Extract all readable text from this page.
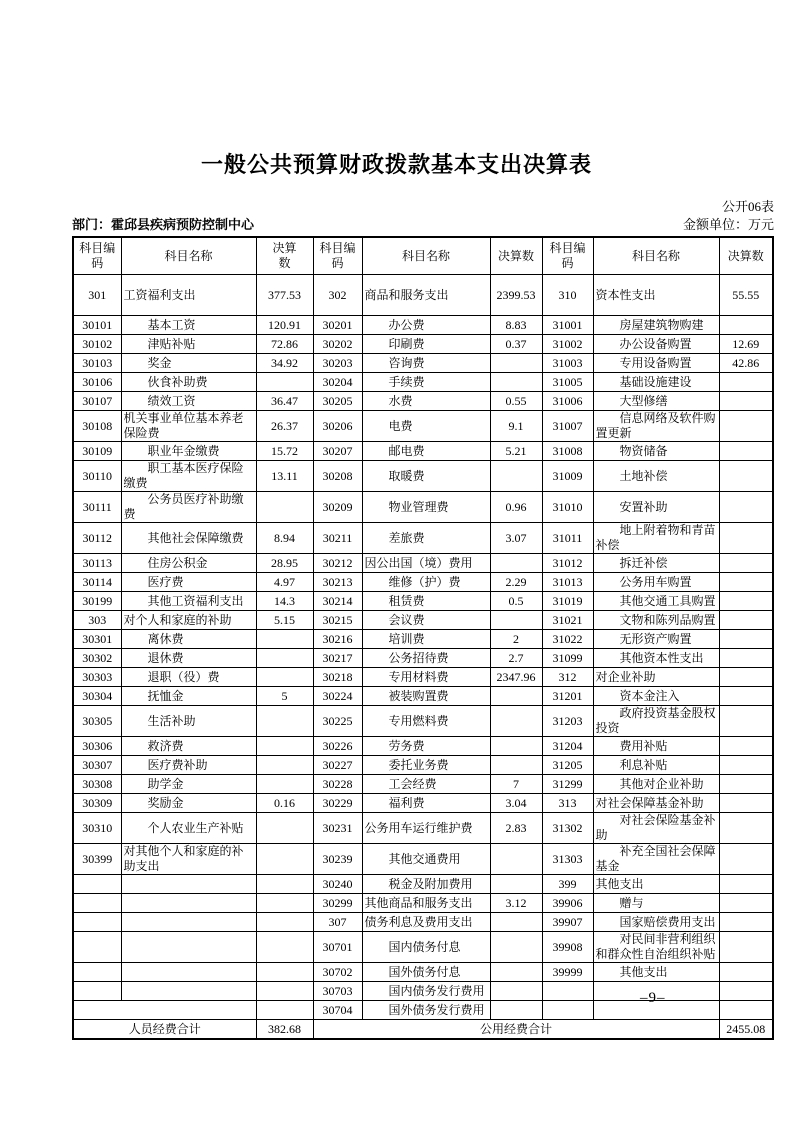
一般公共预算财政拨款基本支出决算表
公开06表
部门：霍邱县疾病预防控制中心	金额单位：万元
科目编码	科目名称	决算数	科目编码	科目名称	决算数	科目编码	科目名称	决算数
301	工资福利支出	377.53	302	商品和服务支出	2399.53	310	资本性支出	55.55
30101	基本工资	120.91	30201	办公费	8.83	31001	房屋建筑物购建	
30102	津贴补贴	72.86	30202	印刷费	0.37	31002	办公设备购置	12.69
30103	奖金	34.92	30203	咨询费		31003	专用设备购置	42.86
30106	伙食补助费		30204	手续费		31005	基础设施建设	
30107	绩效工资	36.47	30205	水费	0.55	31006	大型修缮	
30108	机关事业单位基本养老保险费	26.37	30206	电费	9.1	31007	信息网络及软件购置更新	
30109	职业年金缴费	15.72	30207	邮电费	5.21	31008	物资储备	
30110	职工基本医疗保险缴费	13.11	30208	取暖费		31009	土地补偿	
30111	公务员医疗补助缴费		30209	物业管理费	0.96	31010	安置补助	
30112	其他社会保障缴费	8.94	30211	差旅费	3.07	31011	地上附着物和青苗补偿	
30113	住房公积金	28.95	30212	因公出国（境）费用		31012	拆迁补偿	
30114	医疗费	4.97	30213	维修（护）费	2.29	31013	公务用车购置	
30199	其他工资福利支出	14.3	30214	租赁费	0.5	31019	其他交通工具购置	
303	对个人和家庭的补助	5.15	30215	会议费		31021	文物和陈列品购置	
30301	离休费		30216	培训费	2	31022	无形资产购置	
30302	退休费		30217	公务招待费	2.7	31099	其他资本性支出	
30303	退职（役）费		30218	专用材料费	2347.96	312	对企业补助	
30304	抚恤金	5	30224	被装购置费		31201	资本金注入	
30305	生活补助		30225	专用燃料费		31203	政府投资基金股权投资	
30306	救济费		30226	劳务费		31204	费用补贴	
30307	医疗费补助		30227	委托业务费		31205	利息补贴	
30308	助学金		30228	工会经费	7	31299	其他对企业补助	
30309	奖励金	0.16	30229	福利费	3.04	313	对社会保障基金补助	
30310	个人农业生产补贴		30231	公务用车运行维护费	2.83	31302	对社会保险基金补助	
30399	对其他个人和家庭的补助支出		30239	其他交通费用		31303	补充全国社会保障基金	
			30240	税金及附加费用		399	其他支出	
			30299	其他商品和服务支出	3.12	39906	赠与	
			307	债务利息及费用支出		39907	国家赔偿费用支出	
			30701	国内债务付息		39908	对民间非营利组织和群众性自治组织补贴	
			30702	国外债务付息		39999	其他支出	
			30703	国内债务发行费用				
			30704	国外债务发行费用				
人员经费合计		382.68	公用经费合计					2455.08
–9–
